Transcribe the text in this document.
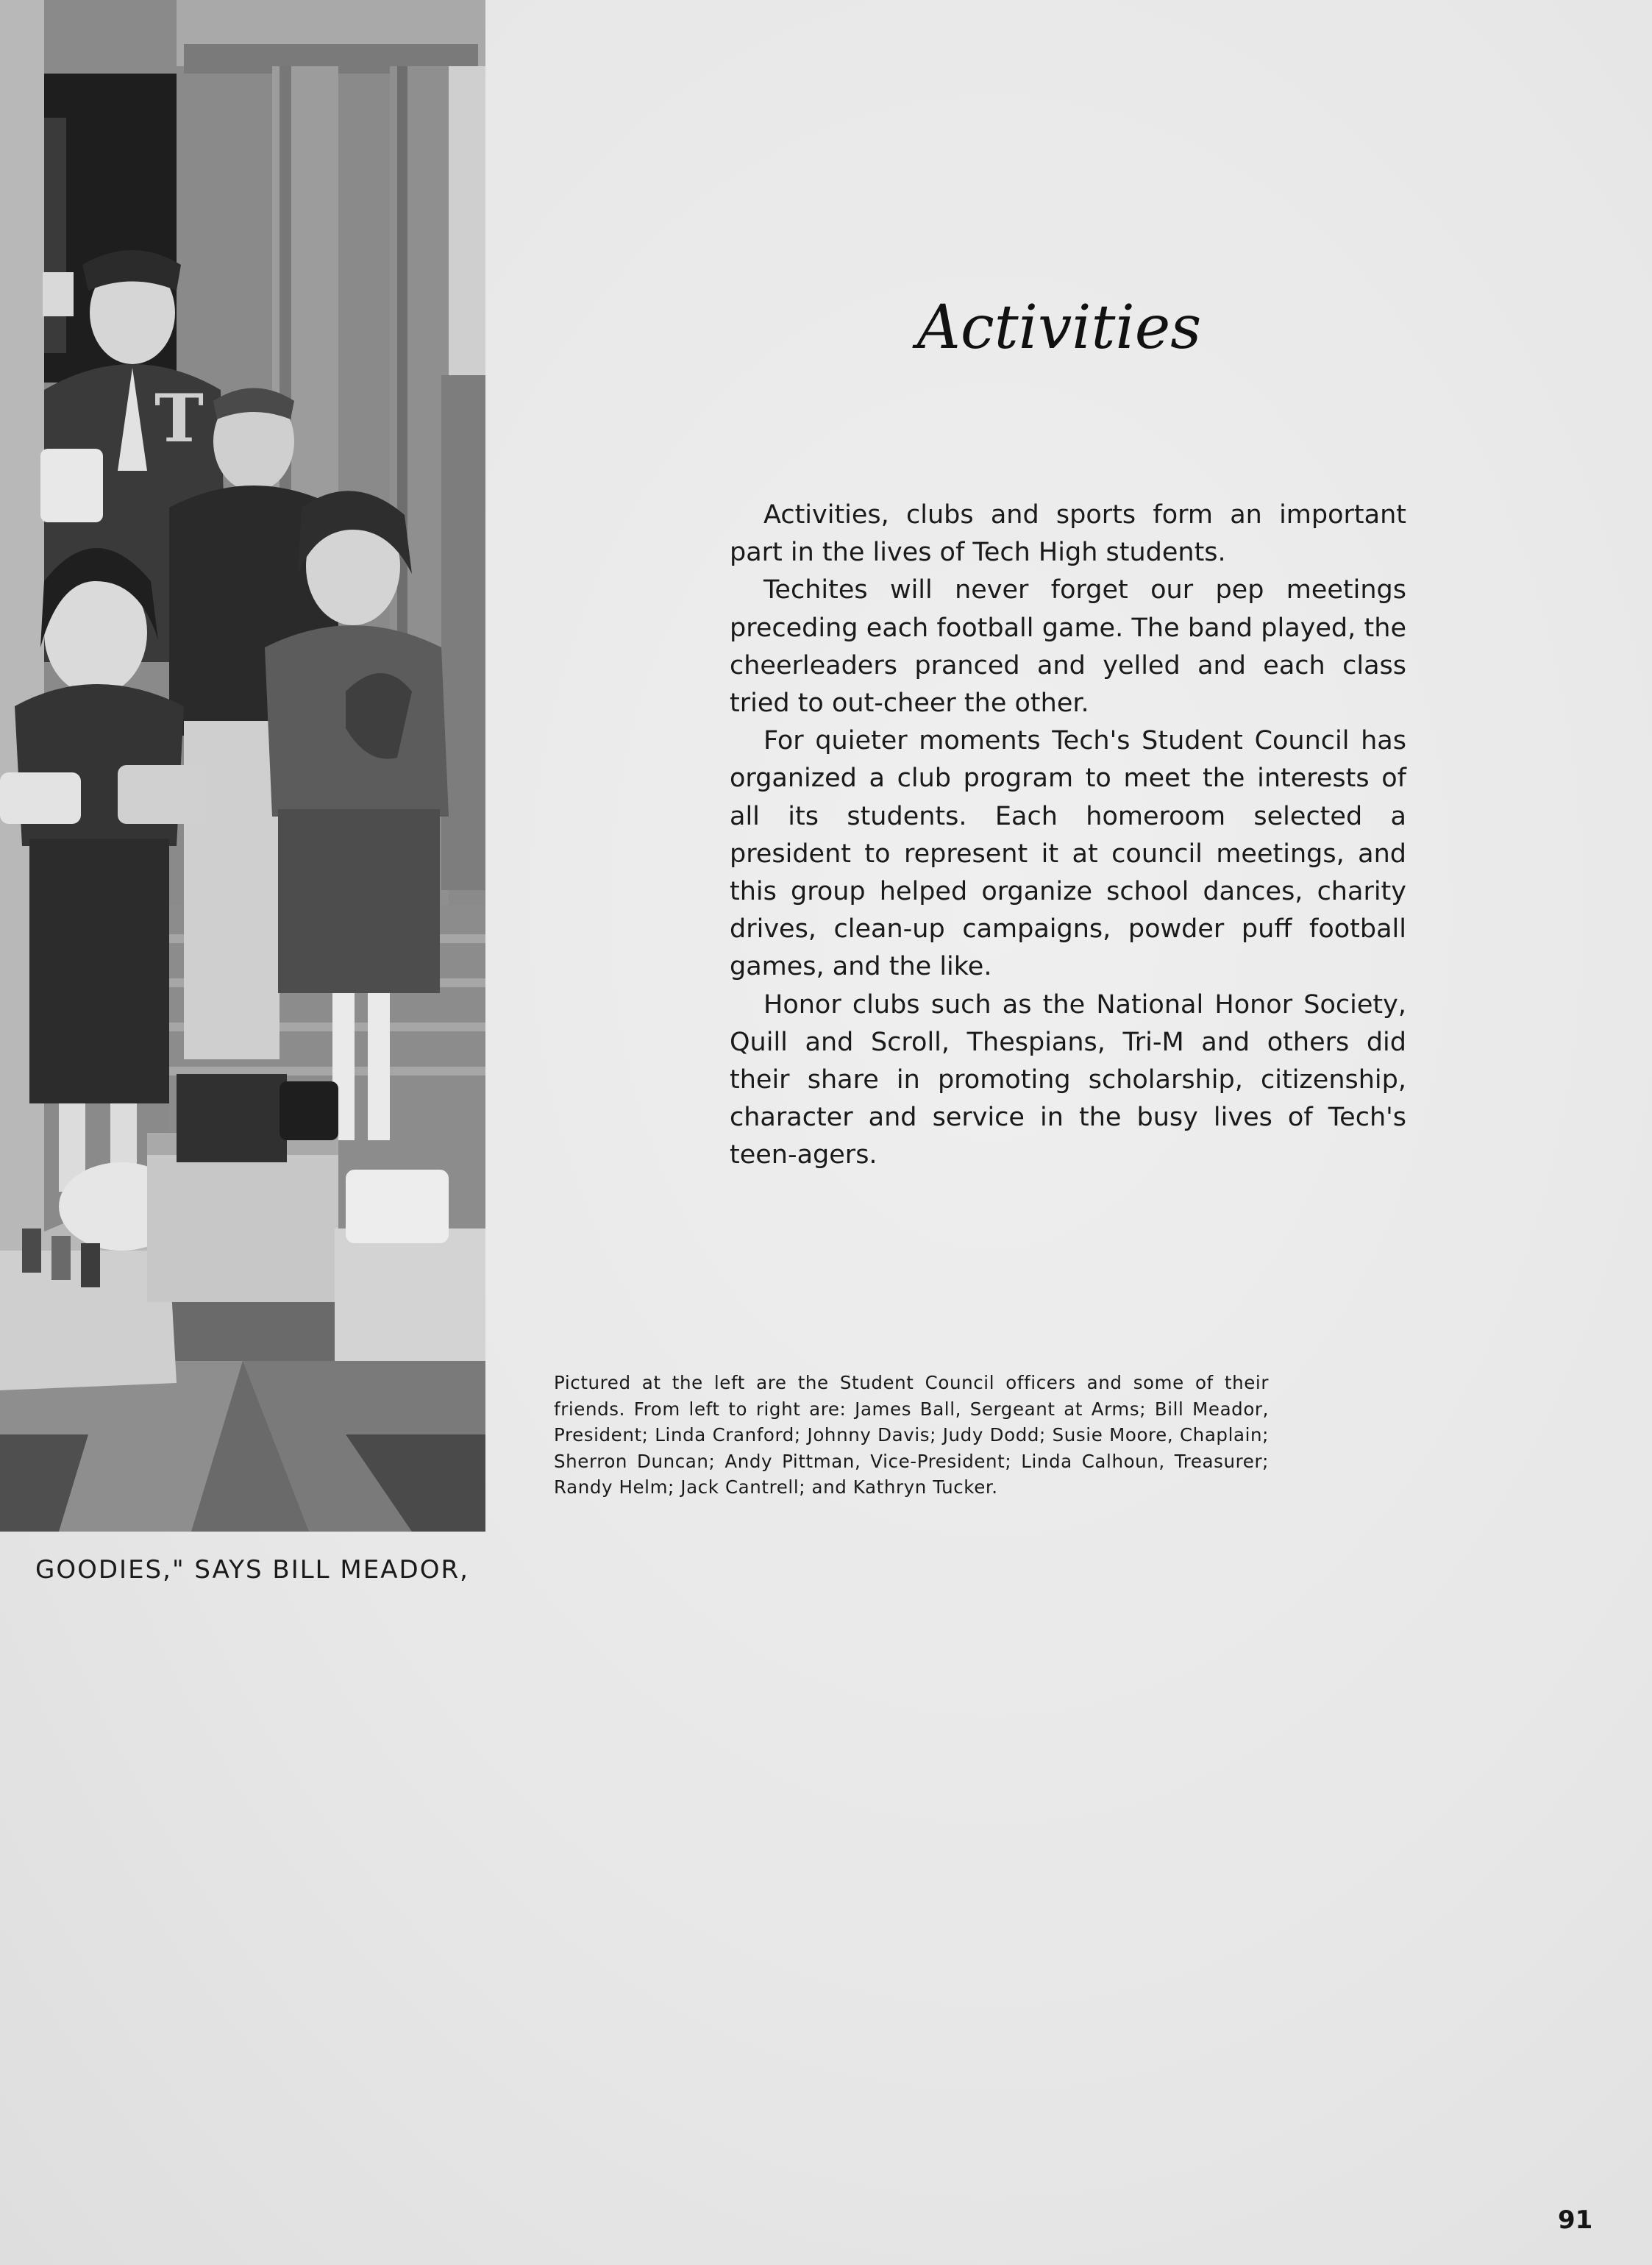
T
GOODIES," SAYS BILL MEADOR,
Activities

Activities, clubs and sports form an important part in the lives of Tech High students.

Techites will never forget our pep meetings preceding each football game. The band played, the cheerleaders pranced and yelled and each class tried to out-cheer the other.

For quieter moments Tech's Student Council has organized a club program to meet the interests of all its students. Each homeroom selected a president to represent it at council meetings, and this group helped organize school dances, charity drives, clean-up campaigns, powder puff football games, and the like.

Honor clubs such as the National Honor Society, Quill and Scroll, Thespians, Tri-M and others did their share in promoting scholarship, citizenship, character and service in the busy lives of Tech's teen-agers.

Pictured at the left are the Student Council officers and some of their friends. From left to right are: James Ball, Sergeant at Arms; Bill Meador, President; Linda Cranford; Johnny Davis; Judy Dodd; Susie Moore, Chaplain; Sherron Duncan; Andy Pittman, Vice-President; Linda Calhoun, Treasurer; Randy Helm; Jack Cantrell; and Kathryn Tucker.
91
